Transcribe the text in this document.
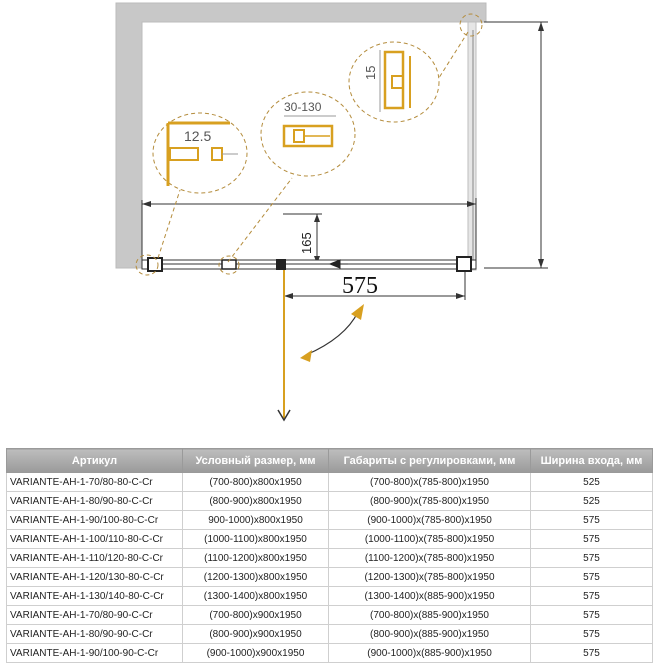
165
575
12.5
30-130
15
Артикул	Условный размер, мм	Габариты с регулировками, мм	Ширина входа, мм
VARIANTE-AH-1-70/80-80-C-Cr	(700-800)x800x1950	(700-800)x(785-800)x1950	525
VARIANTE-AH-1-80/90-80-C-Cr	(800-900)x800x1950	(800-900)x(785-800)x1950	525
VARIANTE-AH-1-90/100-80-C-Cr	900-1000)x800x1950	(900-1000)x(785-800)x1950	575
VARIANTE-AH-1-100/110-80-C-Cr	(1000-1100)x800x1950	(1000-1100)x(785-800)x1950	575
VARIANTE-AH-1-110/120-80-C-Cr	(1100-1200)x800x1950	(1100-1200)x(785-800)x1950	575
VARIANTE-AH-1-120/130-80-C-Cr	(1200-1300)x800x1950	(1200-1300)x(785-800)x1950	575
VARIANTE-AH-1-130/140-80-C-Cr	(1300-1400)x800x1950	(1300-1400)x(885-900)x1950	575
VARIANTE-AH-1-70/80-90-C-Cr	(700-800)x900x1950	(700-800)x(885-900)x1950	575
VARIANTE-AH-1-80/90-90-C-Cr	(800-900)x900x1950	(800-900)x(885-900)x1950	575
VARIANTE-AH-1-90/100-90-C-Cr	(900-1000)x900x1950	(900-1000)x(885-900)x1950	575
